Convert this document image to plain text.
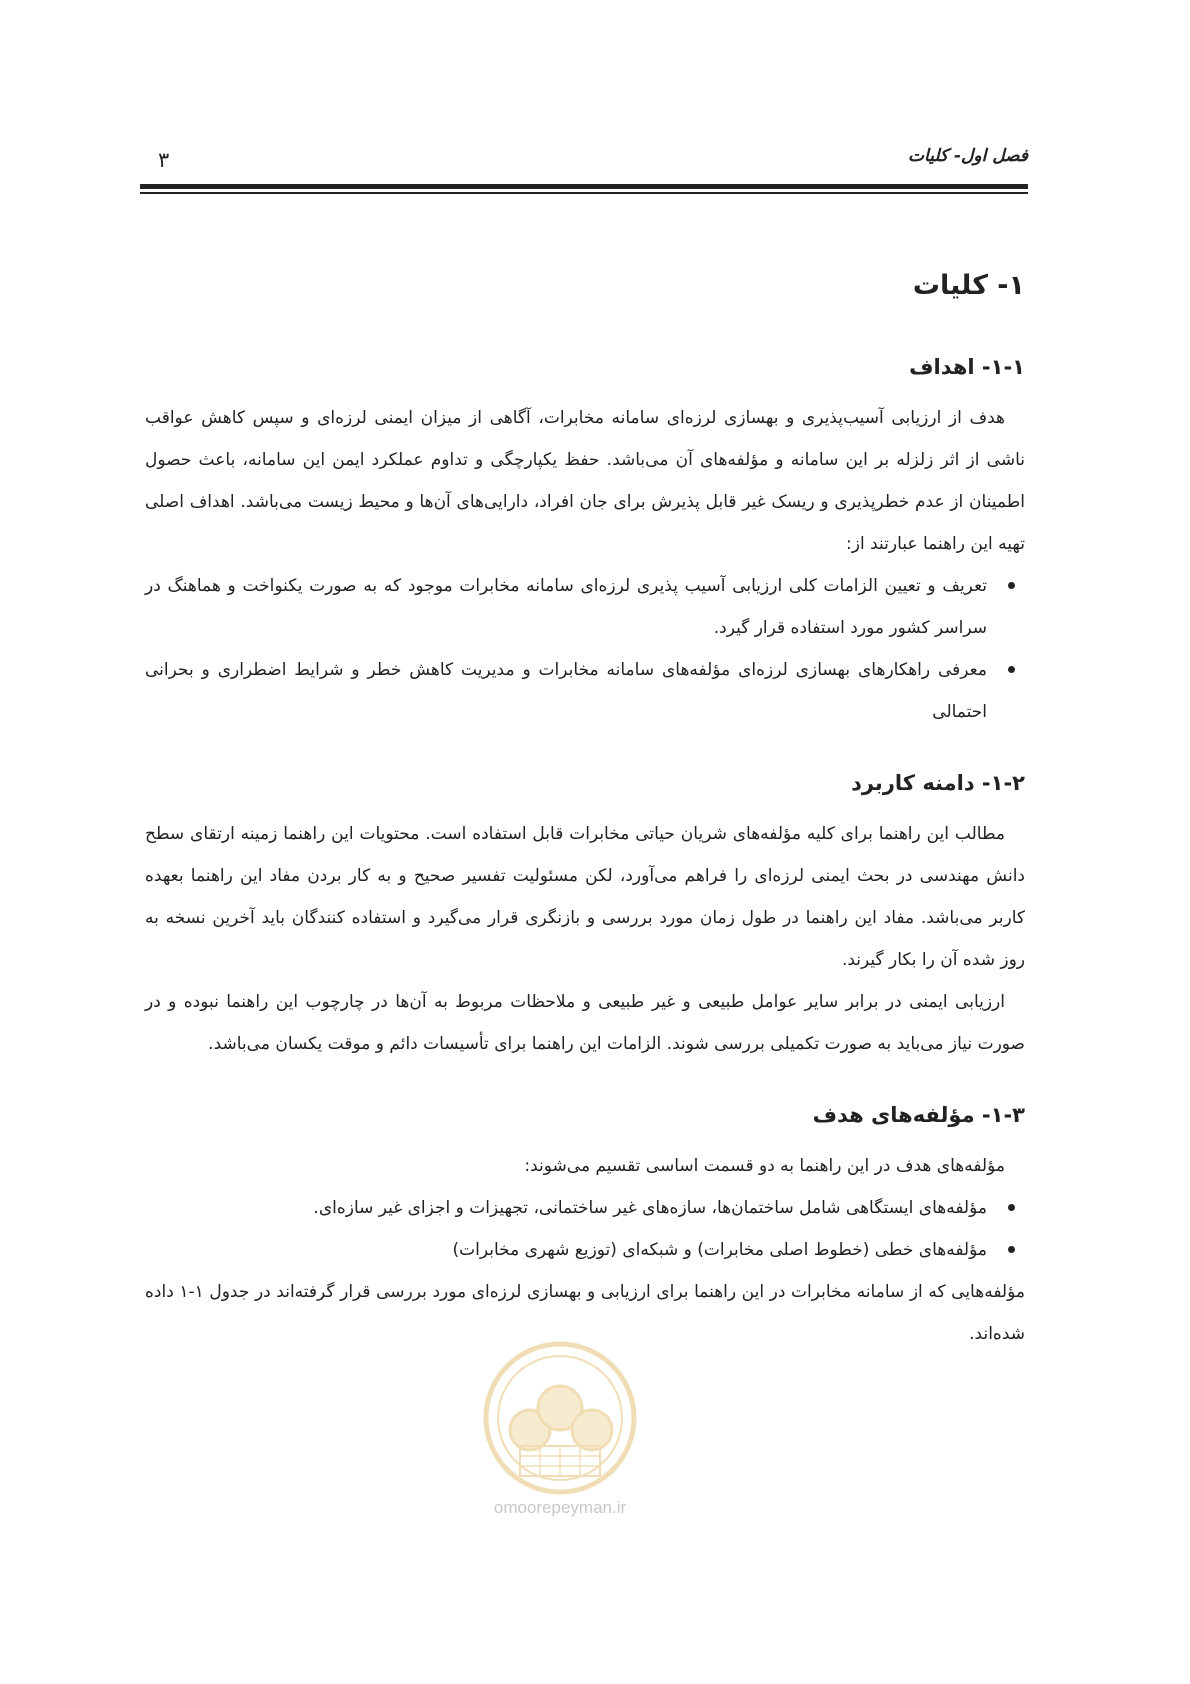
۳	فصل اول- کلیات
۱- کلیات
۱-۱- اهداف

هدف از ارزیابی آسیب‌پذیری و بهسازی لرزه‌ای سامانه مخابرات، آگاهی از میزان ایمنی لرزه‌ای و سپس کاهش عواقب ناشی از اثر زلزله بر این سامانه و مؤلفه‌های آن می‌باشد. حفظ یکپارچگی و تداوم عملکرد ایمن این سامانه، باعث حصول اطمینان از عدم خطرپذیری و ریسک غیر قابل پذیرش برای جان افراد، دارایی‌های آن‌ها و محیط زیست می‌باشد. اهداف اصلی تهیه این راهنما عبارتند از:

تعریف و تعیین الزامات کلی ارزیابی آسیب پذیری لرزه‌ای سامانه مخابرات موجود که به صورت یکنواخت و هماهنگ در سراسر کشور مورد استفاده قرار گیرد.
معرفی راهکارهای بهسازی لرزه‌ای مؤلفه‌های سامانه مخابرات و مدیریت کاهش خطر و شرایط اضطراری و بحرانی احتمالی
۱-۲- دامنه کاربرد

مطالب این راهنما برای کلیه مؤلفه‌های شریان حیاتی مخابرات قابل استفاده است. محتویات این راهنما زمینه ارتقای سطح دانش مهندسی در بحث ایمنی لرزه‌ای را فراهم می‌آورد، لکن مسئولیت تفسیر صحیح و به کار بردن مفاد این راهنما بعهده کاربر می‌باشد. مفاد این راهنما در طول زمان مورد بررسی و بازنگری قرار می‌گیرد و استفاده کنندگان باید آخرین نسخه به روز شده آن را بکار گیرند.

ارزیابی ایمنی در برابر سایر عوامل طبیعی و غیر طبیعی و ملاحظات مربوط به آن‌ها در چارچوب این راهنما نبوده و در صورت نیاز می‌باید به صورت تکمیلی بررسی شوند. الزامات این راهنما برای تأسیسات دائم و موقت یکسان می‌باشد.

۱-۳- مؤلفه‌های هدف

مؤلفه‌های هدف در این راهنما به دو قسمت اساسی تقسیم می‌شوند:

مؤلفه‌های ایستگاهی شامل ساختمان‌ها، سازه‌های غیر ساختمانی، تجهیزات و اجزای غیر سازه‌ای.
مؤلفه‌های خطی (خطوط اصلی مخابرات) و شبکه‌ای (توزیع شهری مخابرات)

مؤلفه‌هایی که از سامانه مخابرات در این راهنما برای ارزیابی و بهسازی لرزه‌ای مورد بررسی قرار گرفته‌اند در جدول ۱-۱ داده شده‌اند.

omoorepeyman.ir
